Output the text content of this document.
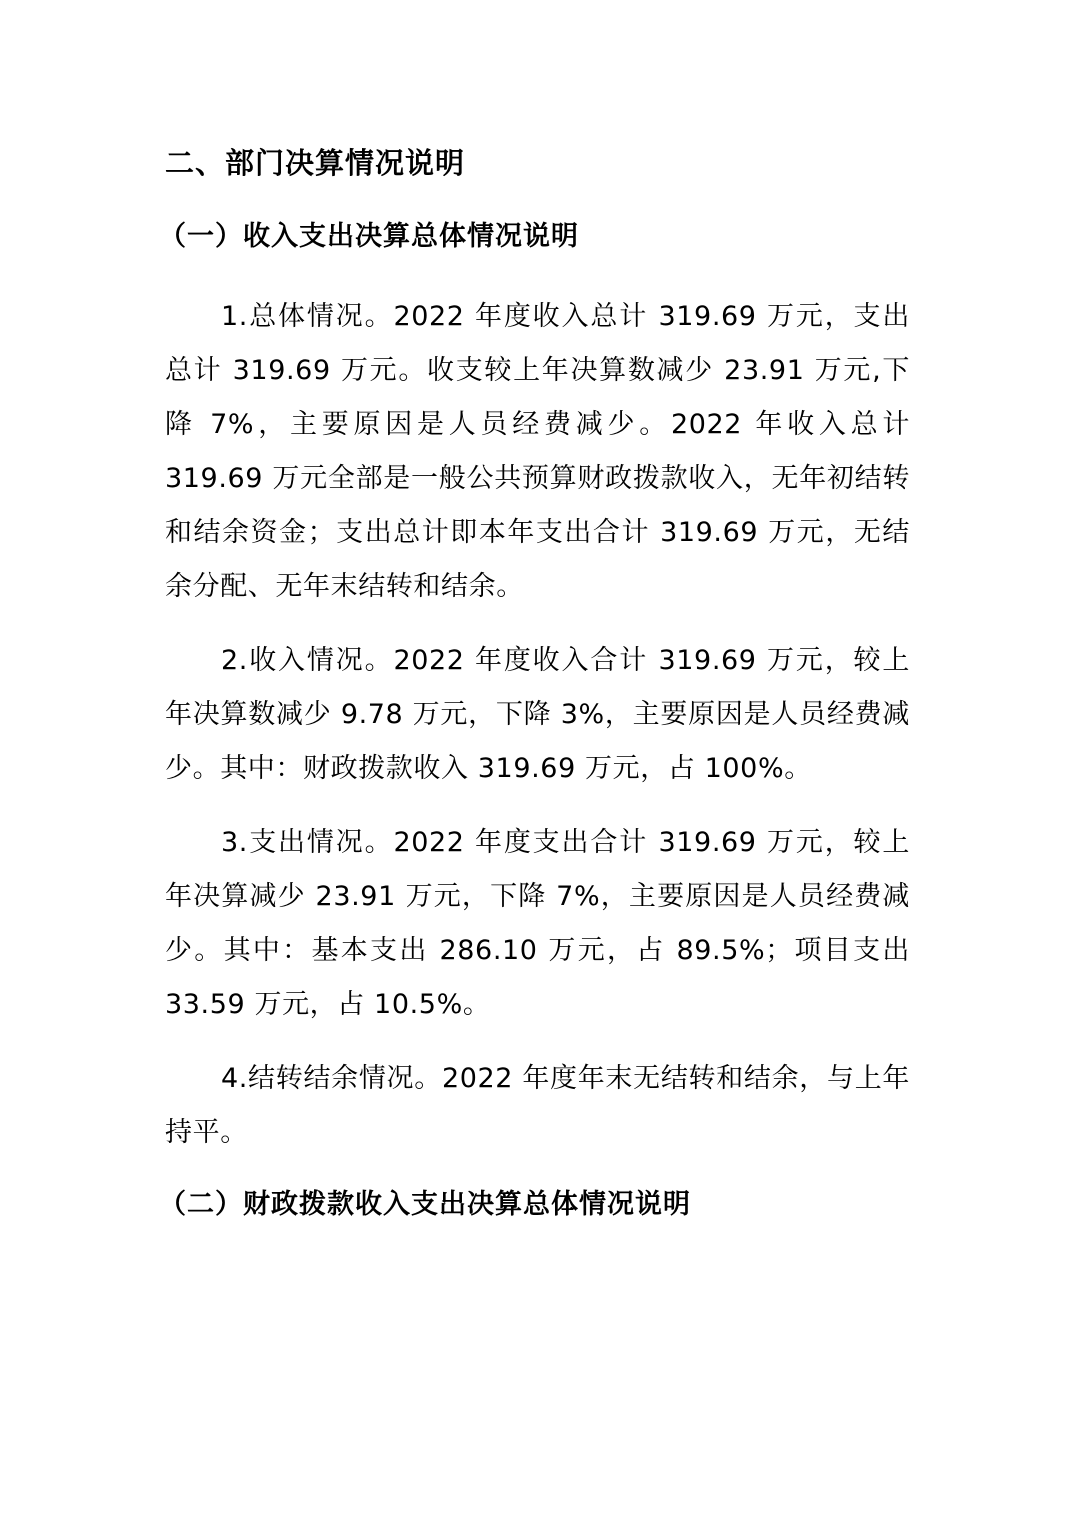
二、部门决算情况说明
（一）收入支出决算总体情况说明

1.总体情况。2022 年度收入总计 319.69 万元，支出总计 319.69 万元。收支较上年决算数减少 23.91 万元,下降 7%，主要原因是人员经费减少。2022 年收入总计 319.69 万元全部是一般公共预算财政拨款收入，无年初结转和结余资金；支出总计即本年支出合计 319.69 万元，无结余分配、无年末结转和结余。

2.收入情况。2022 年度收入合计 319.69 万元，较上年决算数减少 9.78 万元，下降 3%，主要原因是人员经费减少。其中：财政拨款收入 319.69 万元，占 100%。

3.支出情况。2022 年度支出合计 319.69 万元，较上年决算减少 23.91 万元，下降 7%，主要原因是人员经费减少。其中：基本支出 286.10 万元，占 89.5%；项目支出 33.59 万元，占 10.5%。

4.结转结余情况。2022 年度年末无结转和结余，与上年持平。

（二）财政拨款收入支出决算总体情况说明
